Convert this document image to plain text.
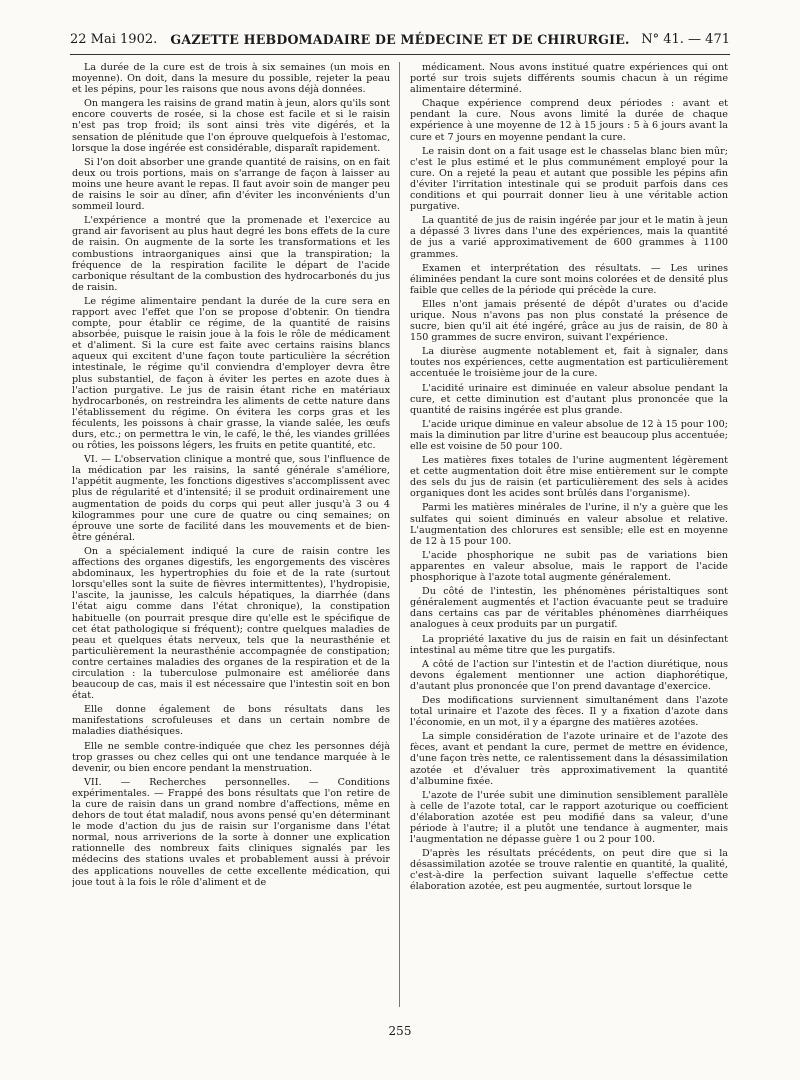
22 Mai 1902.	GAZETTE HEBDOMADAIRE DE MÉDECINE ET DE CHIRURGIE. N° 41. — 471

La durée de la cure est de trois à six semaines (un mois en moyenne). On doit, dans la mesure du possible, rejeter la peau et les pépins, pour les raisons que nous avons déjà données.

On mangera les raisins de grand matin à jeun, alors qu'ils sont encore couverts de rosée, si la chose est facile et si le raisin n'est pas trop froid; ils sont ainsi très vite digérés, et la sensation de plénitude que l'on éprouve quelquefois à l'estomac, lorsque la dose ingérée est considérable, disparaît rapidement.

Si l'on doit absorber une grande quantité de raisins, on en fait deux ou trois portions, mais on s'arrange de façon à laisser au moins une heure avant le repas. Il faut avoir soin de manger peu de raisins le soir au dîner, afin d'éviter les inconvénients d'un sommeil lourd.

L'expérience a montré que la promenade et l'exercice au grand air favorisent au plus haut degré les bons effets de la cure de raisin. On augmente de la sorte les transformations et les combustions intraorganiques ainsi que la transpiration; la fréquence de la respiration facilite le départ de l'acide carbonique résultant de la combustion des hydrocarbonés du jus de raisin.

Le régime alimentaire pendant la durée de la cure sera en rapport avec l'effet que l'on se propose d'obtenir. On tiendra compte, pour établir ce régime, de la quantité de raisins absorbée, puisque le raisin joue à la fois le rôle de médicament et d'aliment. Si la cure est faite avec certains raisins blancs aqueux qui excitent d'une façon toute particulière la sécrétion intestinale, le régime qu'il conviendra d'employer devra être plus substantiel, de façon à éviter les pertes en azote dues à l'action purgative. Le jus de raisin étant riche en matériaux hydrocarbonés, on restreindra les aliments de cette nature dans l'établissement du régime. On évitera les corps gras et les féculents, les poissons à chair grasse, la viande salée, les œufs durs, etc.; on permettra le vin, le café, le thé, les viandes grillées ou rôties, les poissons légers, les fruits en petite quantité, etc.

VI. — L'observation clinique a montré que, sous l'influence de la médication par les raisins, la santé générale s'améliore, l'appétit augmente, les fonctions digestives s'accomplissent avec plus de régularité et d'intensité; il se produit ordinairement une augmentation de poids du corps qui peut aller jusqu'à 3 ou 4 kilogrammes pour une cure de quatre ou cinq semaines; on éprouve une sorte de facilité dans les mouvements et de bien-être général.

On a spécialement indiqué la cure de raisin contre les affections des organes digestifs, les engorgements des viscères abdominaux, les hypertrophies du foie et de la rate (surtout lorsqu'elles sont la suite de fièvres intermittentes), l'hydropisie, l'ascite, la jaunisse, les calculs hépatiques, la diarrhée (dans l'état aigu comme dans l'état chronique), la constipation habituelle (on pourrait presque dire qu'elle est le spécifique de cet état pathologique si fréquent); contre quelques maladies de peau et quelques états nerveux, tels que la neurasthénie et particulièrement la neurasthénie accompagnée de constipation; contre certaines maladies des organes de la respiration et de la circulation : la tuberculose pulmonaire est améliorée dans beaucoup de cas, mais il est nécessaire que l'intestin soit en bon état.

Elle donne également de bons résultats dans les manifestations scrofuleuses et dans un certain nombre de maladies diathésiques.

Elle ne semble contre-indiquée que chez les personnes déjà trop grasses ou chez celles qui ont une tendance marquée à le devenir, ou bien encore pendant la menstruation.

VII. — Recherches personnelles. — Conditions expérimentales. — Frappé des bons résultats que l'on retire de la cure de raisin dans un grand nombre d'affections, même en dehors de tout état maladif, nous avons pensé qu'en déterminant le mode d'action du jus de raisin sur l'organisme dans l'état normal, nous arriverions de la sorte à donner une explication rationnelle des nombreux faits cliniques signalés par les médecins des stations uvales et probablement aussi à prévoir des applications nouvelles de cette excellente médication, qui joue tout à la fois le rôle d'aliment et de

médicament. Nous avons institué quatre expériences qui ont porté sur trois sujets différents soumis chacun à un régime alimentaire déterminé.

Chaque expérience comprend deux périodes : avant et pendant la cure. Nous avons limité la durée de chaque expérience à une moyenne de 12 à 15 jours : 5 à 6 jours avant la cure et 7 jours en moyenne pendant la cure.

Le raisin dont on a fait usage est le chasselas blanc bien mûr; c'est le plus estimé et le plus communément employé pour la cure. On a rejeté la peau et autant que possible les pépins afin d'éviter l'irritation intestinale qui se produit parfois dans ces conditions et qui pourrait donner lieu à une véritable action purgative.

La quantité de jus de raisin ingérée par jour et le matin à jeun a dépassé 3 livres dans l'une des expériences, mais la quantité de jus a varié approximativement de 600 grammes à 1100 grammes.

Examen et interprétation des résultats. — Les urines éliminées pendant la cure sont moins colorées et de densité plus faible que celles de la période qui précède la cure.

Elles n'ont jamais présenté de dépôt d'urates ou d'acide urique. Nous n'avons pas non plus constaté la présence de sucre, bien qu'il ait été ingéré, grâce au jus de raisin, de 80 à 150 grammes de sucre environ, suivant l'expérience.

La diurèse augmente notablement et, fait à signaler, dans toutes nos expériences, cette augmentation est particulièrement accentuée le troisième jour de la cure.

L'acidité urinaire est diminuée en valeur absolue pendant la cure, et cette diminution est d'autant plus prononcée que la quantité de raisins ingérée est plus grande.

L'acide urique diminue en valeur absolue de 12 à 15 pour 100; mais la diminution par litre d'urine est beaucoup plus accentuée; elle est voisine de 50 pour 100.

Les matières fixes totales de l'urine augmentent légèrement et cette augmentation doit être mise entièrement sur le compte des sels du jus de raisin (et particulièrement des sels à acides organiques dont les acides sont brûlés dans l'organisme).

Parmi les matières minérales de l'urine, il n'y a guère que les sulfates qui soient diminués en valeur absolue et relative. L'augmentation des chlorures est sensible; elle est en moyenne de 12 à 15 pour 100.

L'acide phosphorique ne subit pas de variations bien apparentes en valeur absolue, mais le rapport de l'acide phosphorique à l'azote total augmente généralement.

Du côté de l'intestin, les phénomènes péristaltiques sont généralement augmentés et l'action évacuante peut se traduire dans certains cas par de véritables phénomènes diarrhéiques analogues à ceux produits par un purgatif.

La propriété laxative du jus de raisin en fait un désinfectant intestinal au même titre que les purgatifs.

A côté de l'action sur l'intestin et de l'action diurétique, nous devons également mentionner une action diaphorétique, d'autant plus prononcée que l'on prend davantage d'exercice.

Des modifications surviennent simultanément dans l'azote total urinaire et l'azote des fèces. Il y a fixation d'azote dans l'économie, en un mot, il y a épargne des matières azotées.

La simple considération de l'azote urinaire et de l'azote des fèces, avant et pendant la cure, permet de mettre en évidence, d'une façon très nette, ce ralentissement dans la désassimilation azotée et d'évaluer très approximativement la quantité d'albumine fixée.

L'azote de l'urée subit une diminution sensiblement parallèle à celle de l'azote total, car le rapport azoturique ou coefficient d'élaboration azotée est peu modifié dans sa valeur, d'une période à l'autre; il a plutôt une tendance à augmenter, mais l'augmentation ne dépasse guère 1 ou 2 pour 100.

D'après les résultats précédents, on peut dire que si la désassimilation azotée se trouve ralentie en quantité, la qualité, c'est-à-dire la perfection suivant laquelle s'effectue cette élaboration azotée, est peu augmentée, surtout lorsque le

255
